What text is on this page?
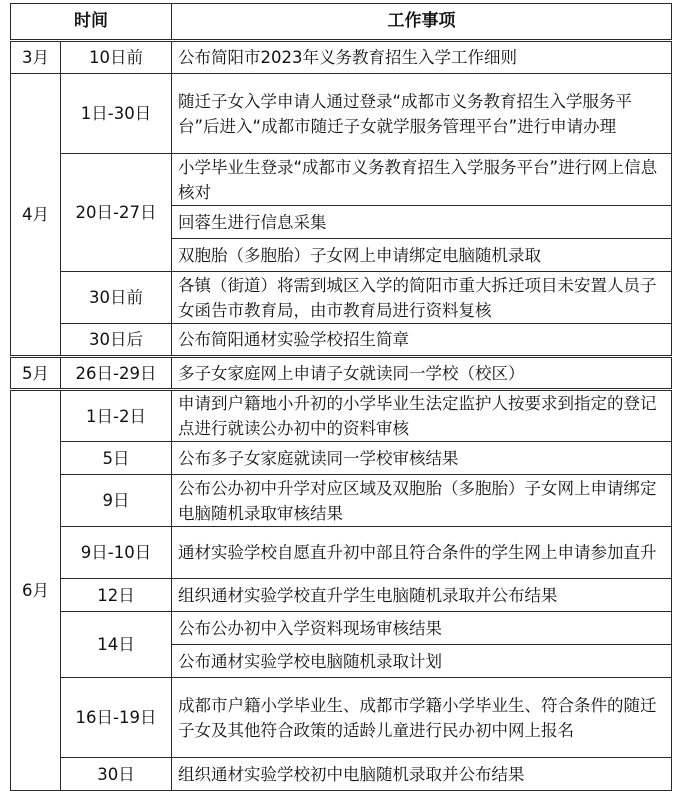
时间		工作事项
3月	10日前	公布简阳市2023年义务教育招生入学工作细则
4月	1日-30日	随迁子女入学申请人通过登录“成都市义务教育招生入学服务平台”后进入“成都市随迁子女就学服务管理平台”进行申请办理
	20日-27日	小学毕业生登录“成都市义务教育招生入学服务平台”进行网上信息核对
		回蓉生进行信息采集
		双胞胎（多胞胎）子女网上申请绑定电脑随机录取
	30日前	各镇（街道）将需到城区入学的简阳市重大拆迁项目未安置人员子女函告市教育局，由市教育局进行资料复核
	30日后	公布简阳通材实验学校招生简章
5月	26日-29日	多子女家庭网上申请子女就读同一学校（校区）
6月	1日-2日	申请到户籍地小升初的小学毕业生法定监护人按要求到指定的登记点进行就读公办初中的资料审核
	5日	公布多子女家庭就读同一学校审核结果
	9日	公布公办初中升学对应区域及双胞胎（多胞胎）子女网上申请绑定电脑随机录取审核结果
	9日-10日	通材实验学校自愿直升初中部且符合条件的学生网上申请参加直升
	12日	组织通材实验学校直升学生电脑随机录取并公布结果
	14日	公布公办初中入学资料现场审核结果
		公布通材实验学校电脑随机录取计划
	16日-19日	成都市户籍小学毕业生、成都市学籍小学毕业生、符合条件的随迁子女及其他符合政策的适龄儿童进行民办初中网上报名
	30日	组织通材实验学校初中电脑随机录取并公布结果
